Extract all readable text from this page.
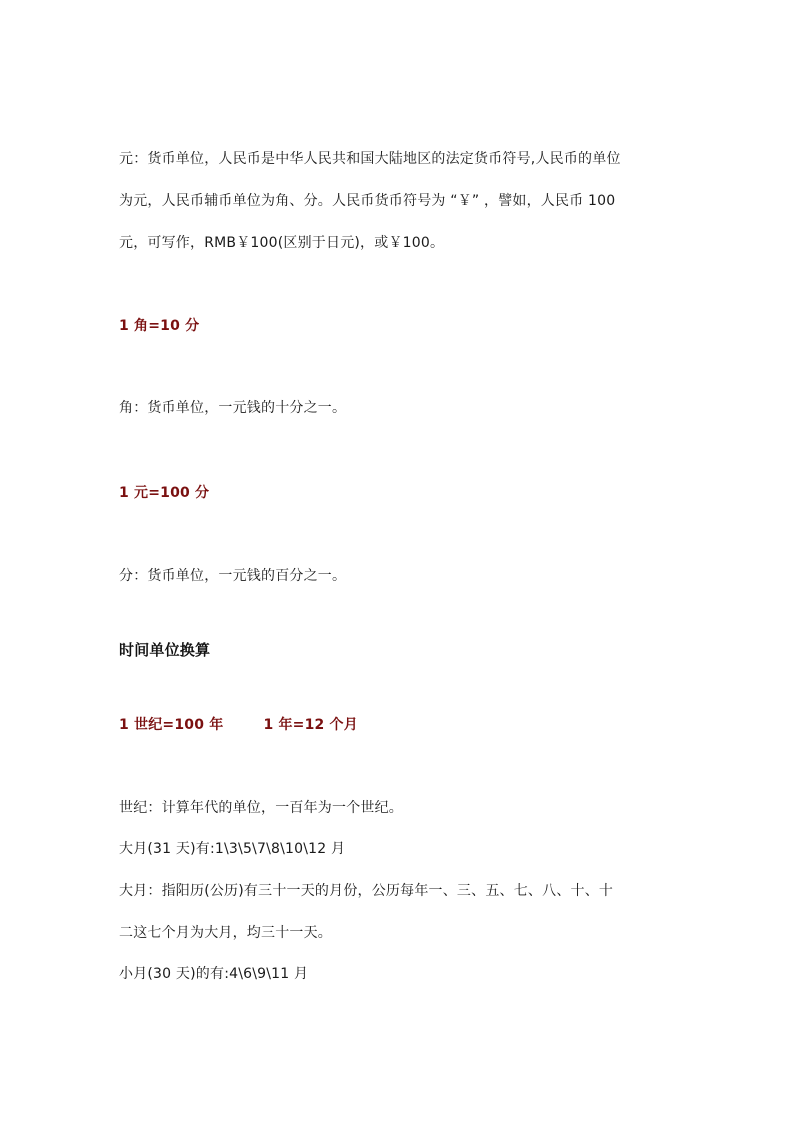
元：货币单位，人民币是中华人民共和国大陆地区的法定货币符号,人民币的单位
为元，人民币辅币单位为角、分。人民币货币符号为 “￥” ，譬如，人民币 100
元，可写作，RMB￥100(区别于日元)，或￥100。
1 角=10 分
角：货币单位，一元钱的十分之一。
1 元=100 分
分：货币单位，一元钱的百分之一。
时间单位换算
1 世纪=100 年	1 年=12 个月
世纪：计算年代的单位，一百年为一个世纪。
大月(31 天)有:1\3\5\7\8\10\12 月
大月：指阳历(公历)有三十一天的月份，公历每年一、三、五、七、八、十、十
二这七个月为大月，均三十一天。
小月(30 天)的有:4\6\9\11 月
